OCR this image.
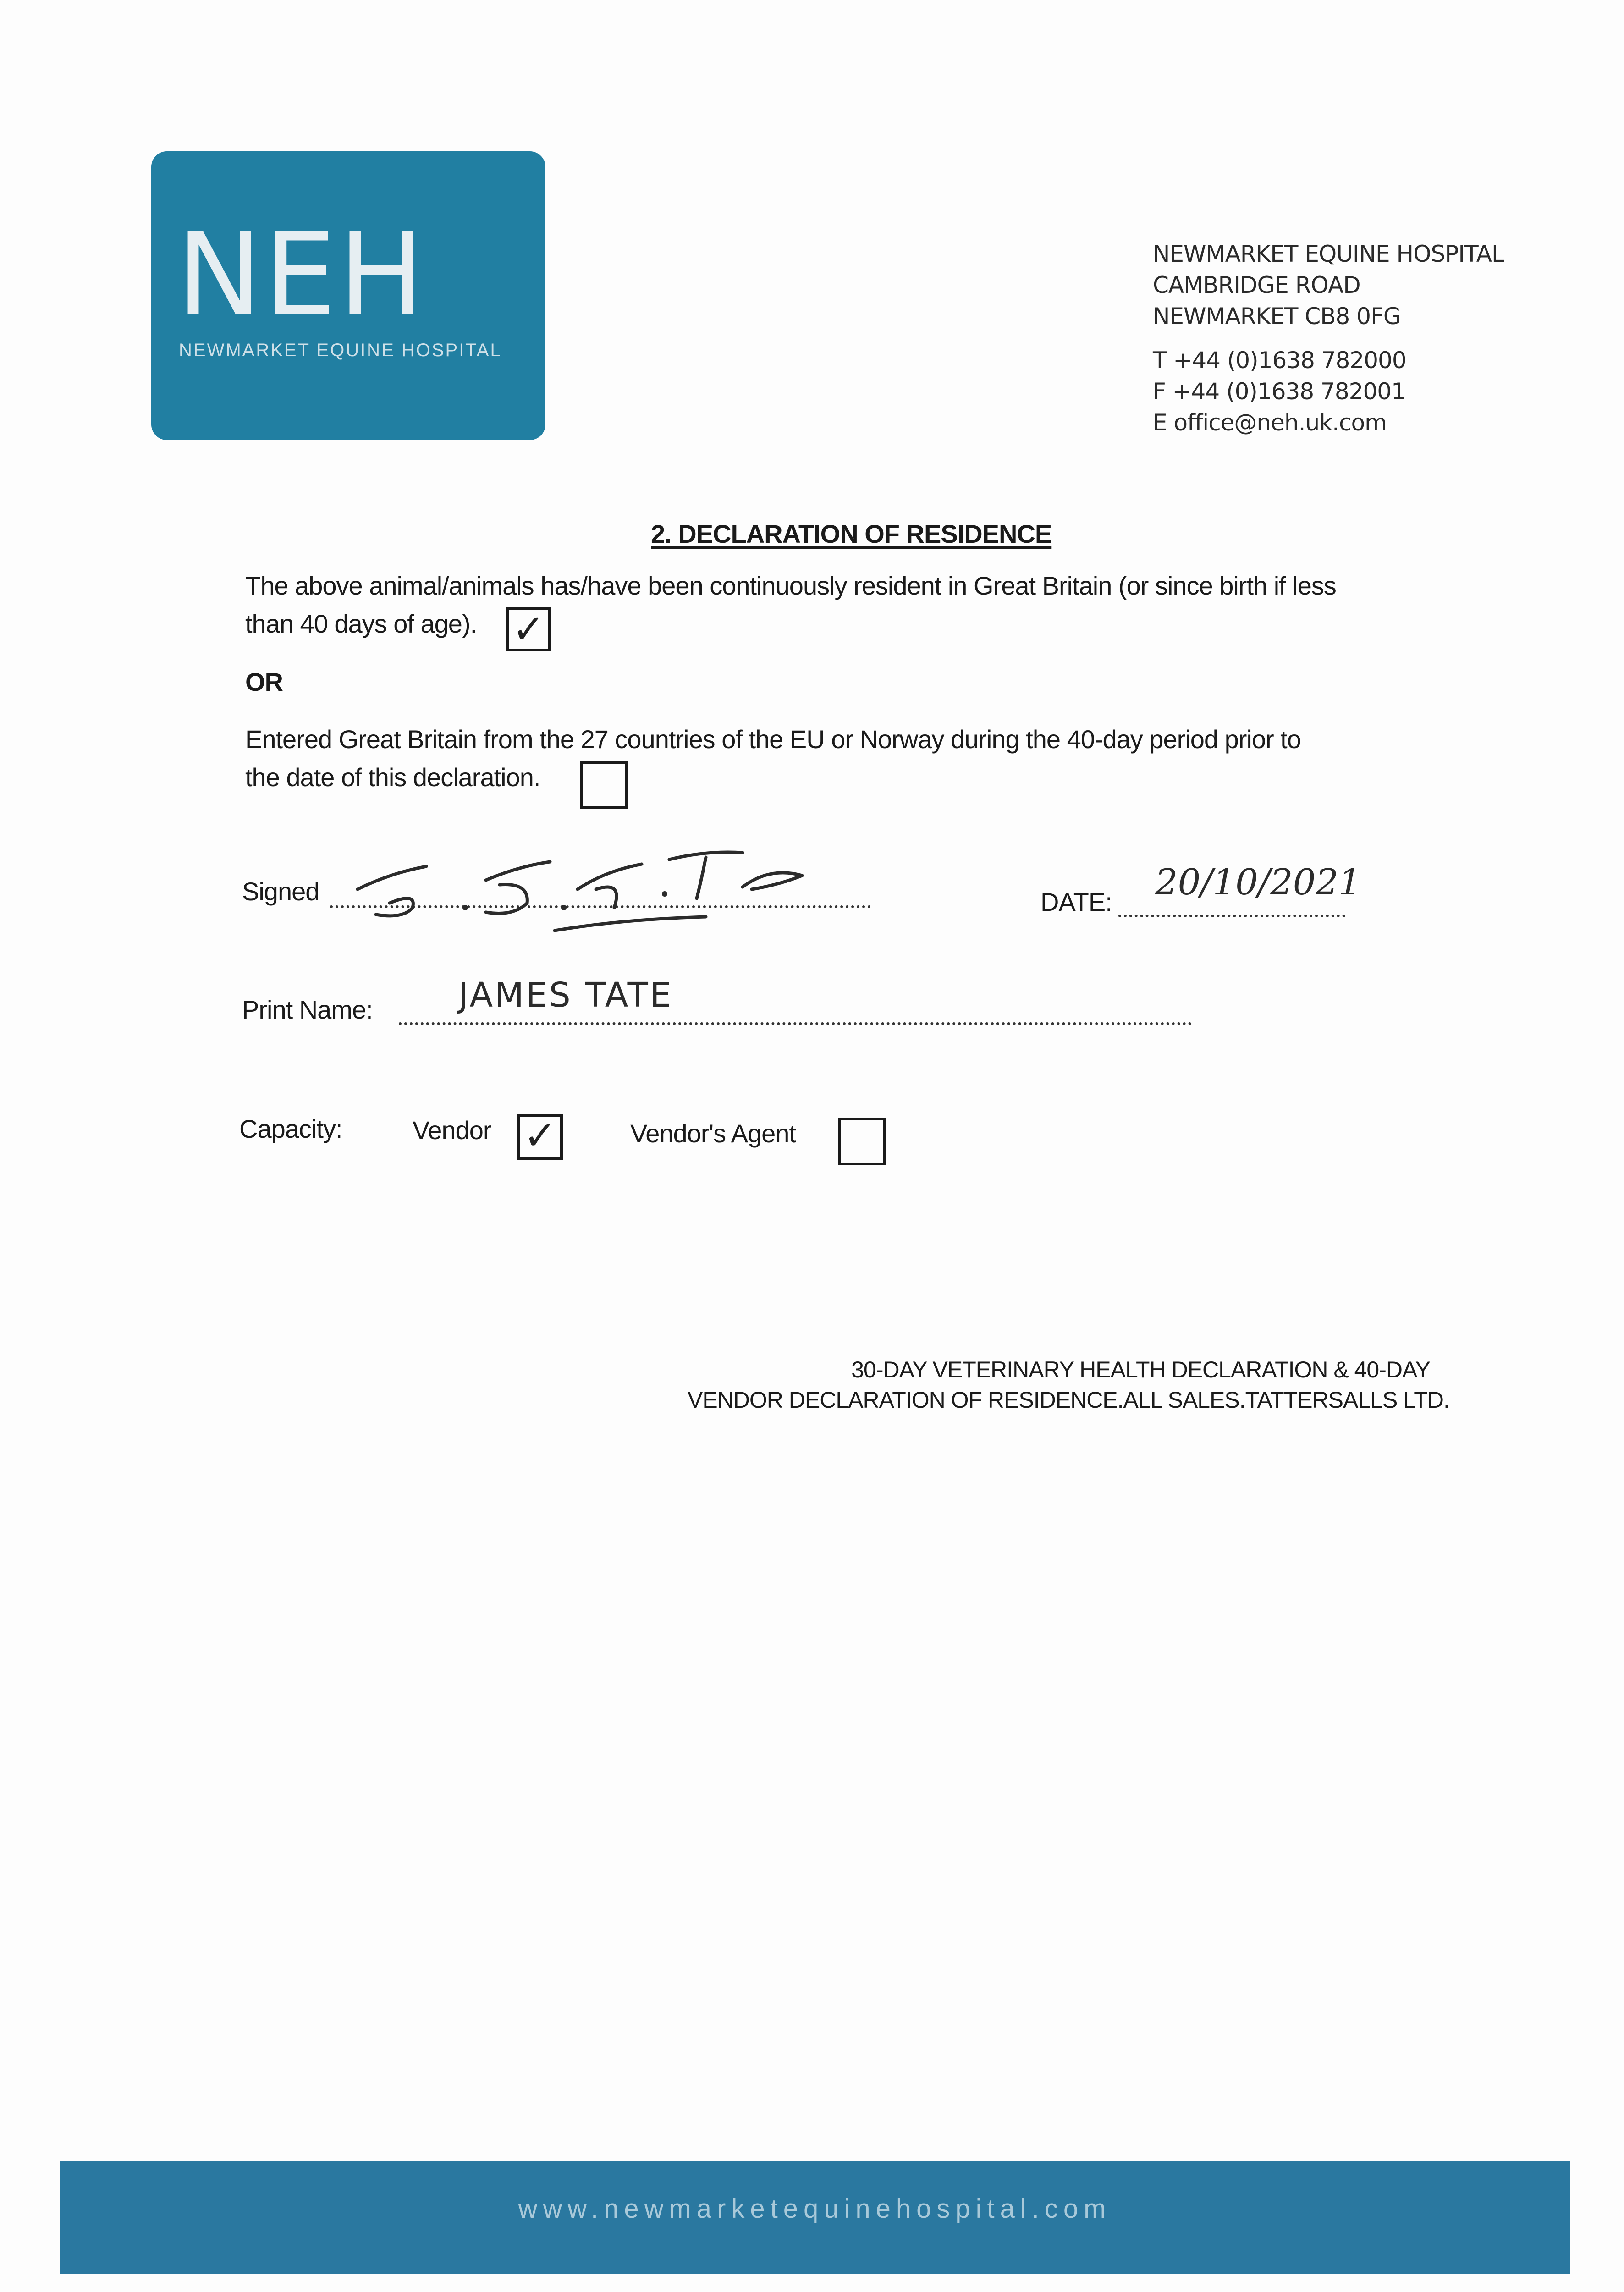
NEH
NEWMARKET EQUINE HOSPITAL
NEWMARKET EQUINE HOSPITAL
CAMBRIDGE ROAD
NEWMARKET CB8 0FG
T +44 (0)1638 782000
F +44 (0)1638 782001
E office@neh.uk.com
2. DECLARATION OF RESIDENCE
The above animal/animals has/have been continuously resident in Great Britain (or since birth if less
than 40 days of age). ✓
OR
Entered Great Britain from the 27 countries of the EU or Norway during the 40-day period prior to
the date of this declaration.
Signed	DATE: 20/10/2021
Print Name:	JAMES TATE
Capacity:	Vendor ✓	Vendor's Agent
30-DAY VETERINARY HEALTH DECLARATION & 40-DAY
VENDOR DECLARATION OF RESIDENCE.ALL SALES.TATTERSALLS LTD.
www.newmarketequinehospital.com
